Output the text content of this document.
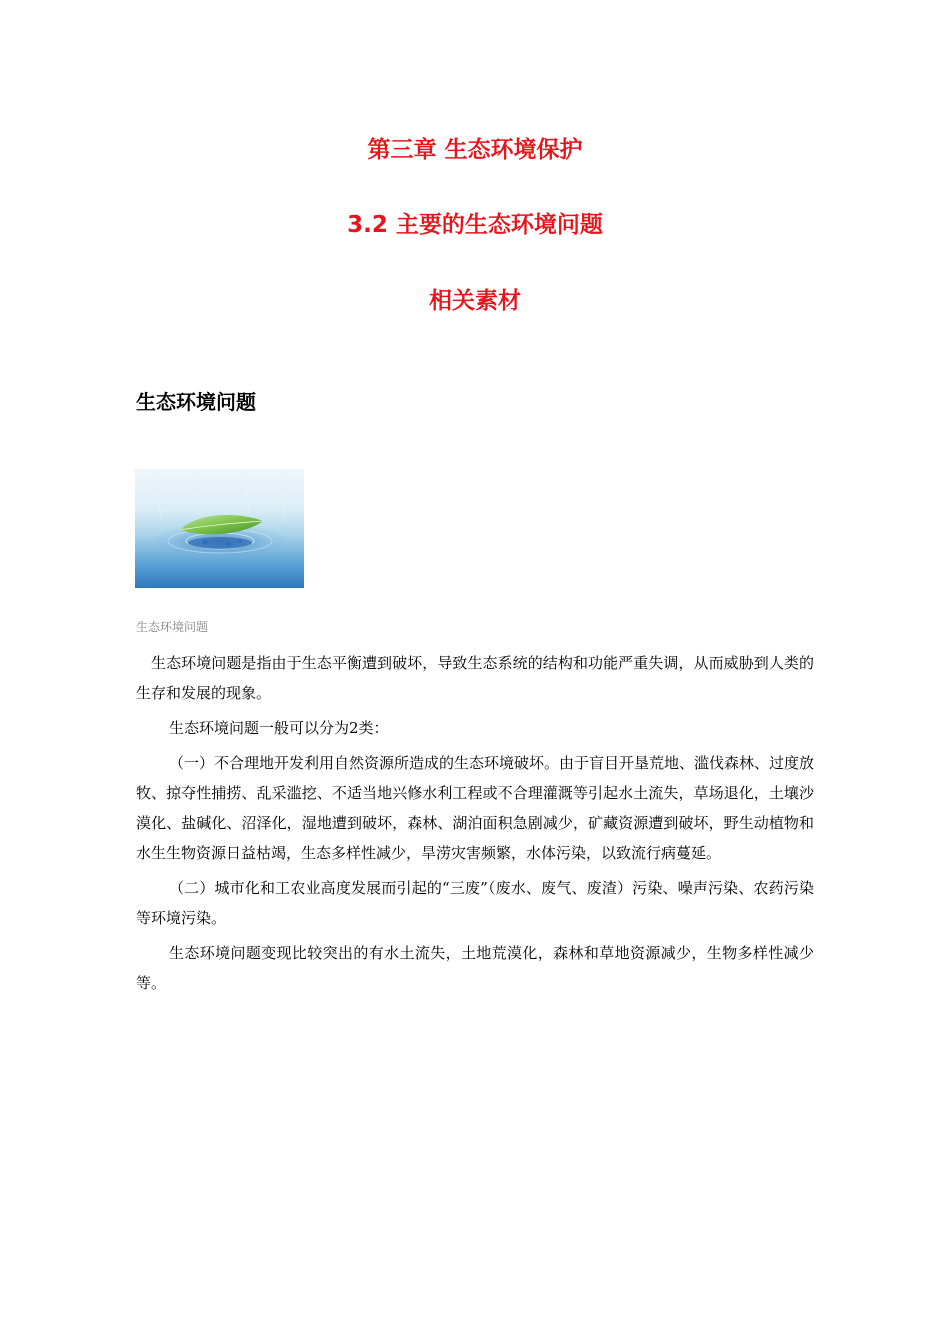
第三章 生态环境保护
3.2 主要的生态环境问题
相关素材
生态环境问题

生态环境问题

生态环境问题是指由于生态平衡遭到破坏，导致生态系统的结构和功能严重失调，从而威胁到人类的生存和发展的现象。

生态环境问题一般可以分为2类：

（一）不合理地开发利用自然资源所造成的生态环境破坏。由于盲目开垦荒地、滥伐森林、过度放牧、掠夺性捕捞、乱采滥挖、不适当地兴修水利工程或不合理灌溉等引起水土流失，草场退化，土壤沙漠化、盐碱化、沼泽化，湿地遭到破坏，森林、湖泊面积急剧减少，矿藏资源遭到破坏，野生动植物和水生生物资源日益枯竭，生态多样性减少，旱涝灾害频繁，水体污染，以致流行病蔓延。

（二）城市化和工农业高度发展而引起的“三废”（废水、废气、废渣）污染、噪声污染、农药污染等环境污染。

生态环境问题变现比较突出的有水土流失，土地荒漠化，森林和草地资源减少，生物多样性减少等。
